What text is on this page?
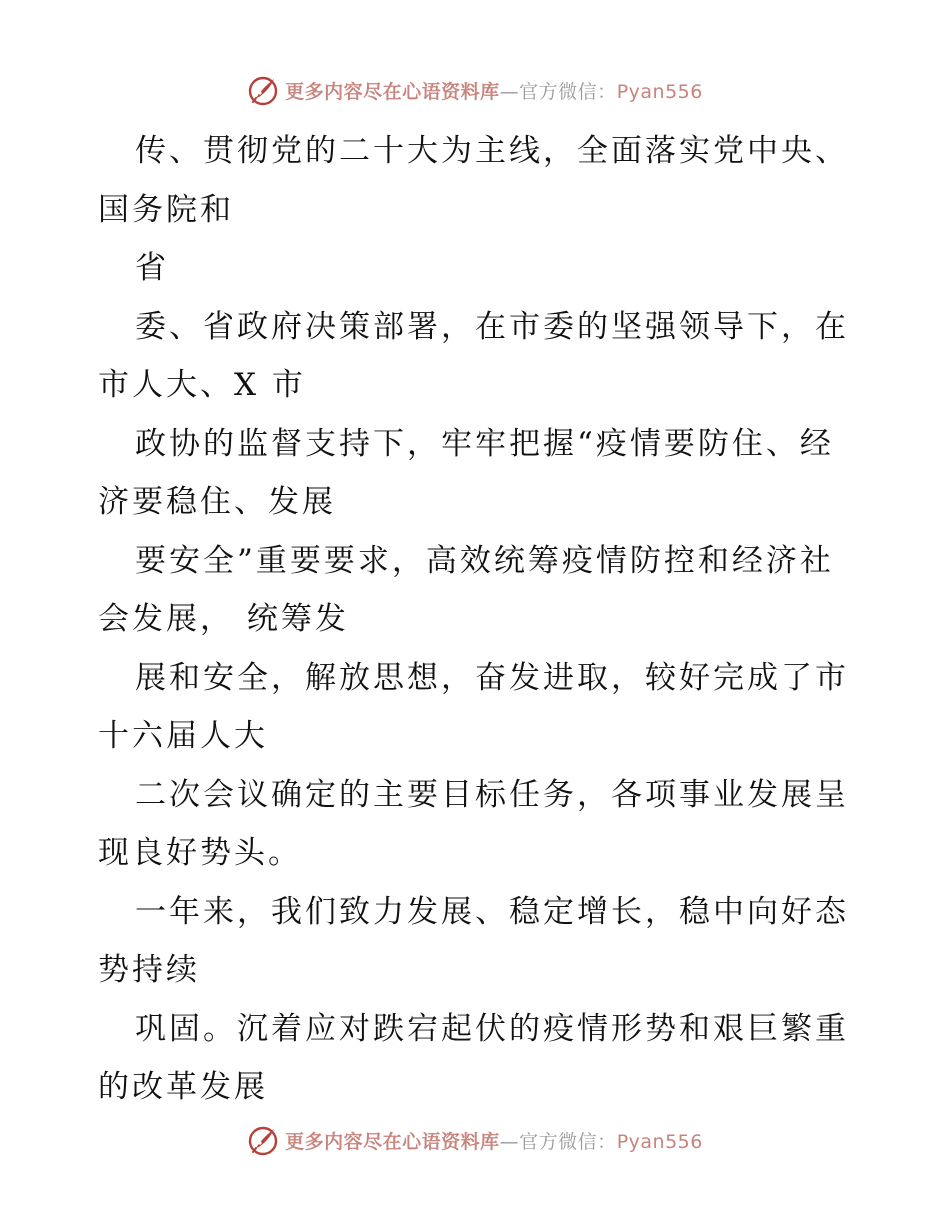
更多内容尽在心语资料库—官方微信：Pyan556
传、贯彻党的二十大为主线，全面落实党中央、
国务院和
省
委、省政府决策部署，在市委的坚强领导下，在
市人大、X 市
政协的监督支持下，牢牢把握“疫情要防住、经
济要稳住、发展
要安全”重要要求，高效统筹疫情防控和经济社
会发展， 统筹发
展和安全，解放思想，奋发进取，较好完成了市
十六届人大
二次会议确定的主要目标任务，各项事业发展呈
现良好势头。
一年来，我们致力发展、稳定增长，稳中向好态
势持续
巩固。沉着应对跌宕起伏的疫情形势和艰巨繁重
的改革发展
更多内容尽在心语资料库—官方微信：Pyan556
